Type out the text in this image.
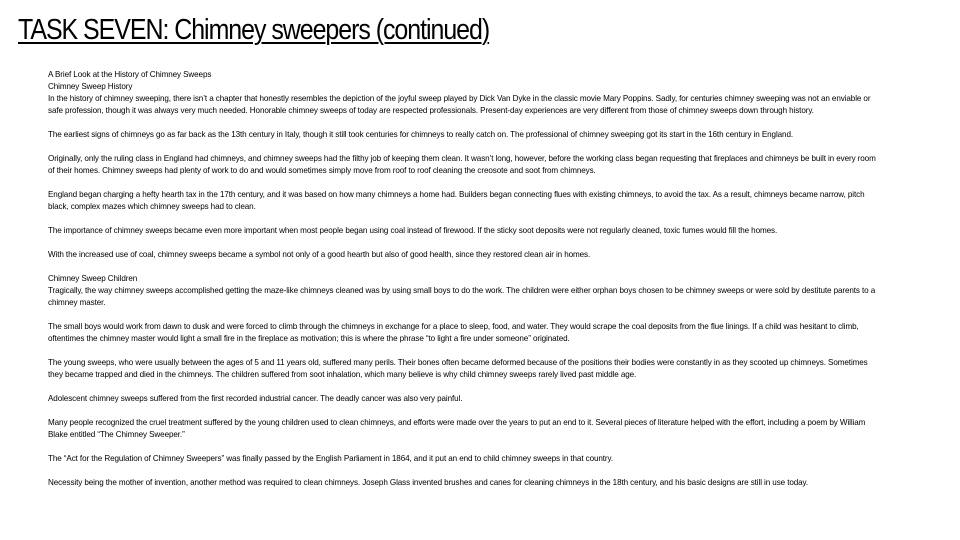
TASK SEVEN: Chimney sweepers (continued)

A Brief Look at the History of Chimney Sweeps

Chimney Sweep History

In the history of chimney sweeping, there isn’t a chapter that honestly resembles the depiction of the joyful sweep played by Dick Van Dyke in the classic movie Mary Poppins. Sadly, for centuries chimney sweeping was not an enviable or safe profession, though it was always very much needed. Honorable chimney sweeps of today are respected professionals. Present-day experiences are very different from those of chimney sweeps down through history.

The earliest signs of chimneys go as far back as the 13th century in Italy, though it still took centuries for chimneys to really catch on. The professional of chimney sweeping got its start in the 16th century in England.

Originally, only the ruling class in England had chimneys, and chimney sweeps had the filthy job of keeping them clean. It wasn’t long, however, before the working class began requesting that fireplaces and chimneys be built in every room of their homes. Chimney sweeps had plenty of work to do and would sometimes simply move from roof to roof cleaning the creosote and soot from chimneys.

England began charging a hefty hearth tax in the 17th century, and it was based on how many chimneys a home had. Builders began connecting flues with existing chimneys, to avoid the tax. As a result, chimneys became narrow, pitch black, complex mazes which chimney sweeps had to clean.

The importance of chimney sweeps became even more important when most people began using coal instead of firewood. If the sticky soot deposits were not regularly cleaned, toxic fumes would fill the homes.

With the increased use of coal, chimney sweeps became a symbol not only of a good hearth but also of good health, since they restored clean air in homes.

Chimney Sweep Children

Tragically, the way chimney sweeps accomplished getting the maze-like chimneys cleaned was by using small boys to do the work. The children were either orphan boys chosen to be chimney sweeps or were sold by destitute parents to a chimney master.

The small boys would work from dawn to dusk and were forced to climb through the chimneys in exchange for a place to sleep, food, and water. They would scrape the coal deposits from the flue linings. If a child was hesitant to climb, oftentimes the chimney master would light a small fire in the fireplace as motivation; this is where the phrase “to light a fire under someone” originated.

The young sweeps, who were usually between the ages of 5 and 11 years old, suffered many perils. Their bones often became deformed because of the positions their bodies were constantly in as they scooted up chimneys. Sometimes they became trapped and died in the chimneys. The children suffered from soot inhalation, which many believe is why child chimney sweeps rarely lived past middle age.

Adolescent chimney sweeps suffered from the first recorded industrial cancer. The deadly cancer was also very painful.

Many people recognized the cruel treatment suffered by the young children used to clean chimneys, and efforts were made over the years to put an end to it. Several pieces of literature helped with the effort, including a poem by William Blake entitled “The Chimney Sweeper.”

The “Act for the Regulation of Chimney Sweepers” was finally passed by the English Parliament in 1864, and it put an end to child chimney sweeps in that country.

Necessity being the mother of invention, another method was required to clean chimneys. Joseph Glass invented brushes and canes for cleaning chimneys in the 18th century, and his basic designs are still in use today.
